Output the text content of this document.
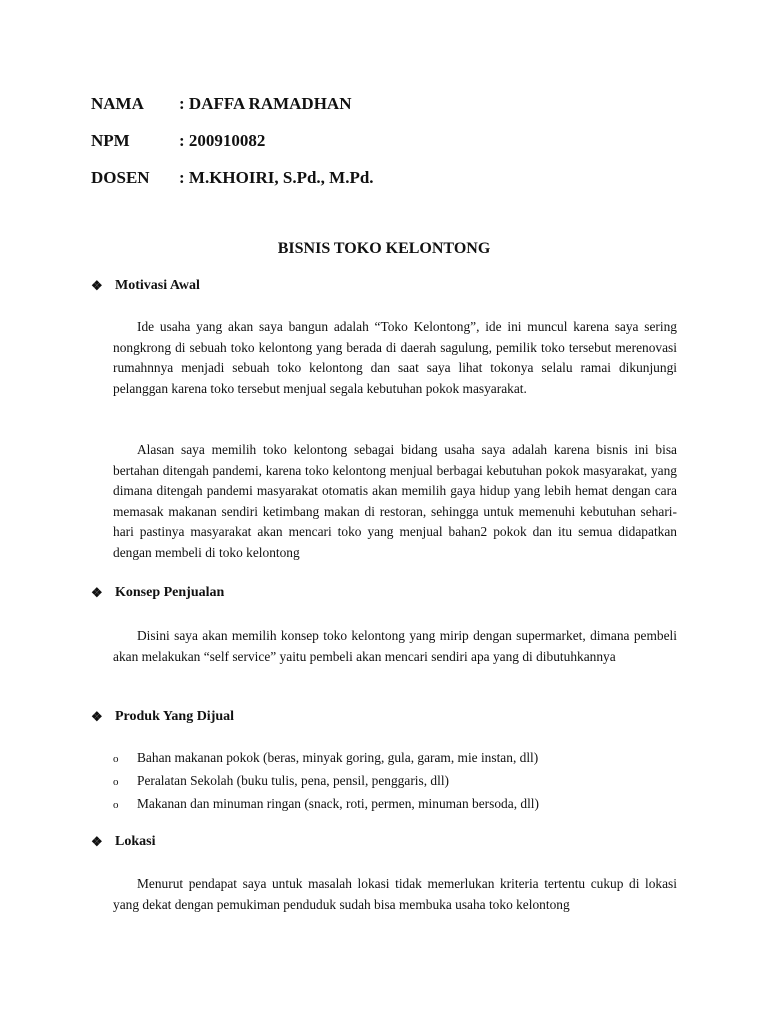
NAMA	: DAFFA RAMADHAN
NPM	: 200910082
DOSEN	: M.KHOIRI, S.Pd., M.Pd.
BISNIS TOKO KELONTONG
❖ Motivasi Awal

Ide usaha yang akan saya bangun adalah “Toko Kelontong”, ide ini muncul karena saya sering nongkrong di sebuah toko kelontong yang berada di daerah sagulung, pemilik toko tersebut merenovasi rumahnnya menjadi sebuah toko kelontong dan saat saya lihat tokonya selalu ramai dikunjungi pelanggan karena toko tersebut menjual segala kebutuhan pokok masyarakat.

Alasan saya memilih toko kelontong sebagai bidang usaha saya adalah karena bisnis ini bisa bertahan ditengah pandemi, karena toko kelontong menjual berbagai kebutuhan pokok masyarakat, yang dimana ditengah pandemi masyarakat otomatis akan memilih gaya hidup yang lebih hemat dengan cara memasak makanan sendiri ketimbang makan di restoran, sehingga untuk memenuhi kebutuhan sehari-hari pastinya masyarakat akan mencari toko yang menjual bahan2 pokok dan itu semua didapatkan dengan membeli di toko kelontong

❖ Konsep Penjualan

Disini saya akan memilih konsep toko kelontong yang mirip dengan supermarket, dimana pembeli akan melakukan “self service” yaitu pembeli akan mencari sendiri apa yang di dibutuhkannya

❖ Produk Yang Dijual
o	Bahan makanan pokok (beras, minyak goring, gula, garam, mie instan, dll)
o	Peralatan Sekolah (buku tulis, pena, pensil, penggaris, dll)
o	Makanan dan minuman ringan (snack, roti, permen, minuman bersoda, dll)
❖ Lokasi

Menurut pendapat saya untuk masalah lokasi tidak memerlukan kriteria tertentu cukup di lokasi yang dekat dengan pemukiman penduduk sudah bisa membuka usaha toko kelontong
